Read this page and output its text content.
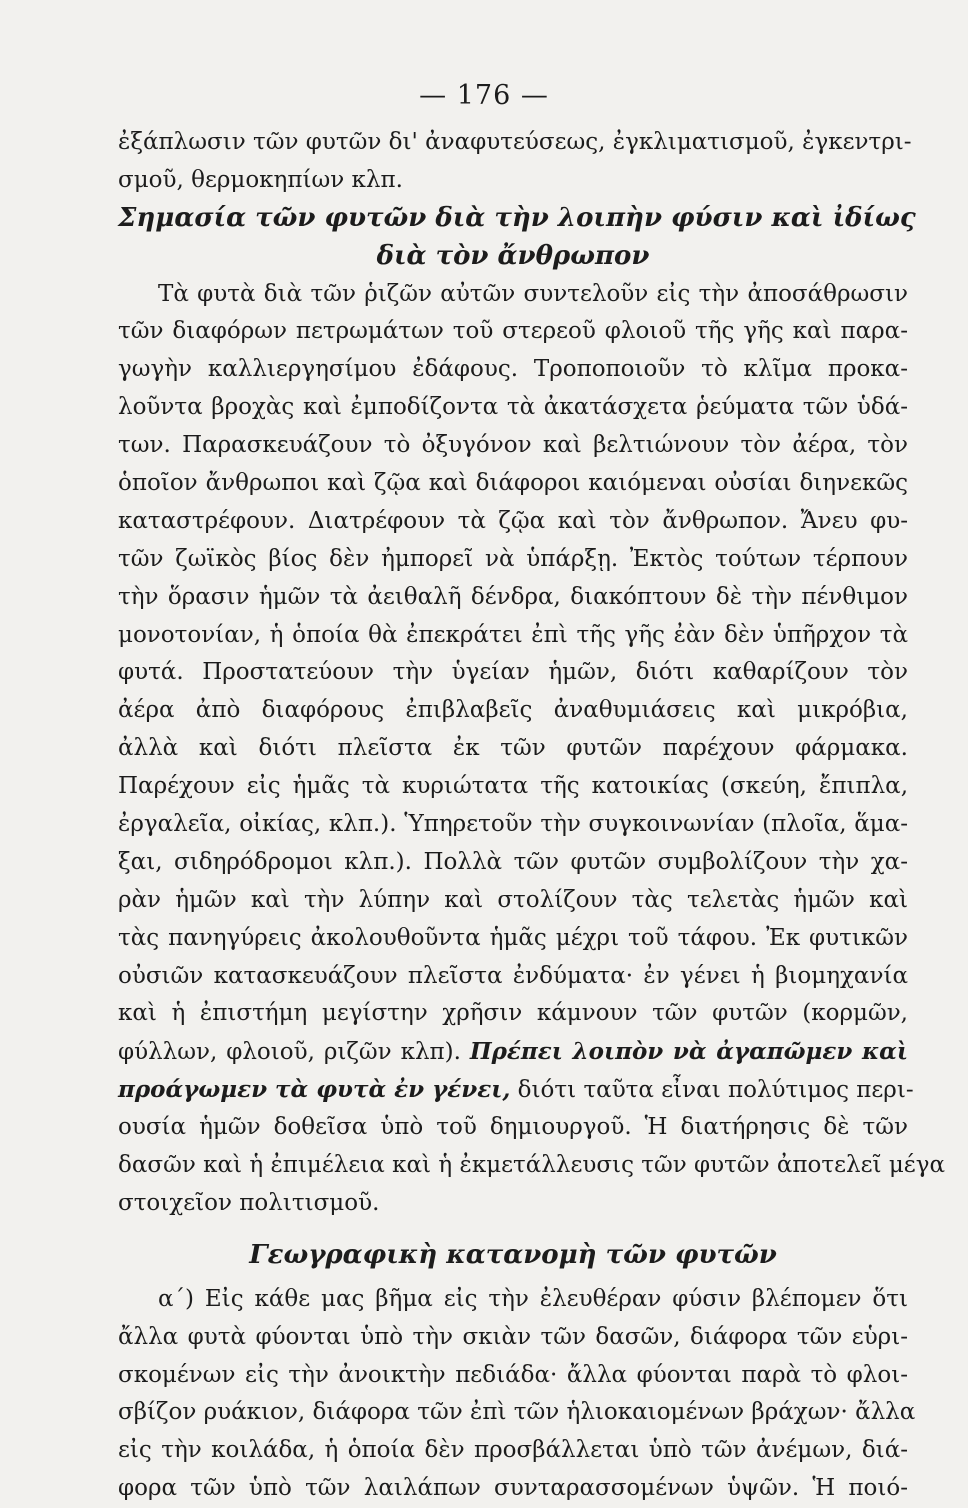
— 176 —
ἐξάπλωσιν τῶν φυτῶν δι' ἀναφυτεύσεως, ἐγκλιματισμοῦ, ἐγκεντρι-
σμοῦ, θερμοκηπίων κλπ.
Σημασία τῶν φυτῶν διὰ τὴν λοιπὴν φύσιν καὶ ἰδίως
διὰ τὸν ἄνθρωπον
Τὰ φυτὰ διὰ τῶν ῥιζῶν αὐτῶν συντελοῦν εἰς τὴν ἀποσάθρωσιν
τῶν διαφόρων πετρωμάτων τοῦ στερεοῦ φλοιοῦ τῆς γῆς καὶ παρα-
γωγὴν καλλιεργησίμου ἐδάφους. Τροποποιοῦν τὸ κλῖμα προκα-
λοῦντα βροχὰς καὶ ἐμποδίζοντα τὰ ἀκατάσχετα ῥεύματα τῶν ὑδά-
των. Παρασκευάζουν τὸ ὀξυγόνον καὶ βελτιώνουν τὸν ἀέρα, τὸν
ὁποῖον ἄνθρωποι καὶ ζῷα καὶ διάφοροι καιόμεναι οὐσίαι διηνεκῶς
καταστρέφουν. Διατρέφουν τὰ ζῷα καὶ τὸν ἄνθρωπον. Ἄνευ φυ-
τῶν ζωϊκὸς βίος δὲν ἠμπορεῖ νὰ ὑπάρξῃ. Ἐκτὸς τούτων τέρπουν
τὴν ὅρασιν ἡμῶν τὰ ἀειθαλῆ δένδρα, διακόπτουν δὲ τὴν πένθιμον
μονοτονίαν, ἡ ὁποία θὰ ἐπεκράτει ἐπὶ τῆς γῆς ἐὰν δὲν ὑπῆρχον τὰ
φυτά. Προστατεύουν τὴν ὑγείαν ἡμῶν, διότι καθαρίζουν τὸν
ἀέρα ἀπὸ διαφόρους ἐπιβλαβεῖς ἀναθυμιάσεις καὶ μικρόβια,
ἀλλὰ καὶ διότι πλεῖστα ἐκ τῶν φυτῶν παρέχουν φάρμακα.
Παρέχουν εἰς ἡμᾶς τὰ κυριώτατα τῆς κατοικίας (σκεύη, ἔπιπλα,
ἐργαλεῖα, οἰκίας, κλπ.). Ὑπηρετοῦν τὴν συγκοινωνίαν (πλοῖα, ἅμα-
ξαι, σιδηρόδρομοι κλπ.). Πολλὰ τῶν φυτῶν συμβολίζουν τὴν χα-
ρὰν ἡμῶν καὶ τὴν λύπην καὶ στολίζουν τὰς τελετὰς ἡμῶν καὶ
τὰς πανηγύρεις ἀκολουθοῦντα ἡμᾶς μέχρι τοῦ τάφου. Ἐκ φυτικῶν
οὐσιῶν κατασκευάζουν πλεῖστα ἐνδύματα· ἐν γένει ἡ βιομηχανία
καὶ ἡ ἐπιστήμη μεγίστην χρῆσιν κάμνουν τῶν φυτῶν (κορμῶν,
φύλλων, φλοιοῦ, ριζῶν κλπ). Πρέπει λοιπὸν νὰ ἀγαπῶμεν καὶ
προάγωμεν τὰ φυτὰ ἐν γένει, διότι ταῦτα εἶναι πολύτιμος περι-
ουσία ἡμῶν δοθεῖσα ὑπὸ τοῦ δημιουργοῦ. Ἡ διατήρησις δὲ τῶν
δασῶν καὶ ἡ ἐπιμέλεια καὶ ἡ ἐκμετάλλευσις τῶν φυτῶν ἀποτελεῖ μέγα
στοιχεῖον πολιτισμοῦ.
Γεωγραφικὴ κατανομὴ τῶν φυτῶν
α΄) Εἰς κάθε μας βῆμα εἰς τὴν ἐλευθέραν φύσιν βλέπομεν ὅτι
ἄλλα φυτὰ φύονται ὑπὸ τὴν σκιὰν τῶν δασῶν, διάφορα τῶν εὑρι-
σκομένων εἰς τὴν ἀνοικτὴν πεδιάδα· ἄλλα φύονται παρὰ τὸ φλοι-
σβίζον ρυάκιον, διάφορα τῶν ἐπὶ τῶν ἡλιοκαιομένων βράχων· ἄλλα
εἰς τὴν κοιλάδα, ἡ ὁποία δὲν προσβάλλεται ὑπὸ τῶν ἀνέμων, διά-
φορα τῶν ὑπὸ τῶν λαιλάπων συνταρασσομένων ὑψῶν. Ἡ ποιό-
